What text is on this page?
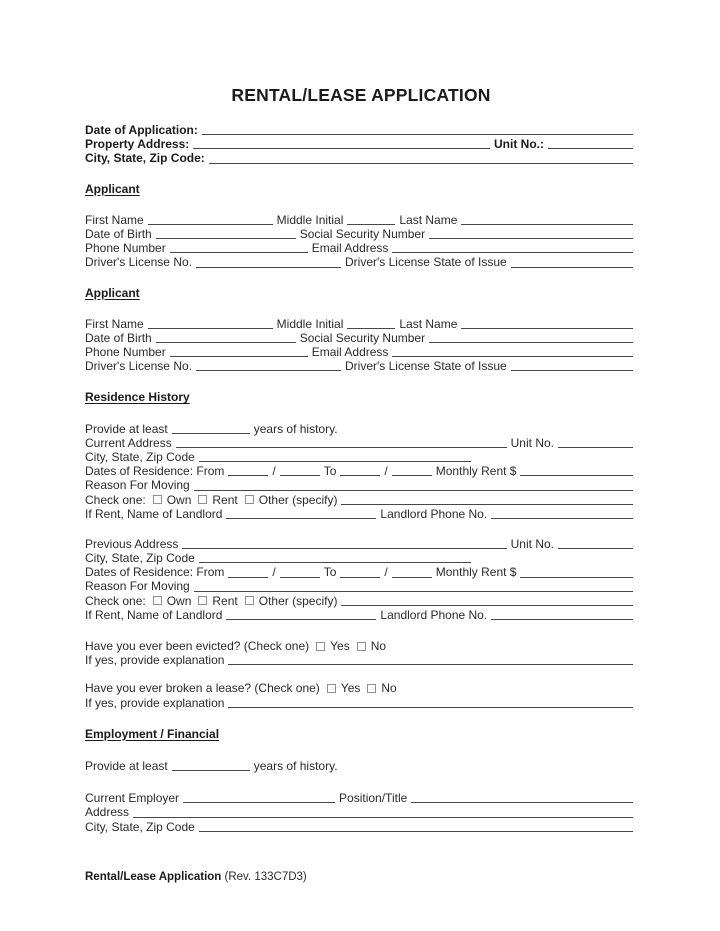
RENTAL/LEASE APPLICATION
Date of Application:
Property Address:	Unit No.:
City, State, Zip Code:
Applicant
First Name	Middle Initial	Last Name
Date of Birth	Social Security Number
Phone Number	Email Address
Driver's License No.	Driver's License State of Issue
Applicant
First Name	Middle Initial	Last Name
Date of Birth	Social Security Number
Phone Number	Email Address
Driver's License No.	Driver's License State of Issue
Residence History
Provide at least	years of history.
Current Address	Unit No.
City, State, Zip Code
Dates of Residence: From	/	To	/	Monthly Rent $
Reason For Moving
Check one: Own Rent Other (specify)
If Rent, Name of Landlord	Landlord Phone No.
Previous Address	Unit No.
City, State, Zip Code
Dates of Residence: From	/	To	/	Monthly Rent $
Reason For Moving
Check one: Own Rent Other (specify)
If Rent, Name of Landlord	Landlord Phone No.
Have you ever been evicted? (Check one) Yes No
If yes, provide explanation
Have you ever broken a lease? (Check one) Yes No
If yes, provide explanation
Employment / Financial
Provide at least	years of history.
Current Employer	Position/Title
Address
City, State, Zip Code
Rental/Lease Application (Rev. 133C7D3)
